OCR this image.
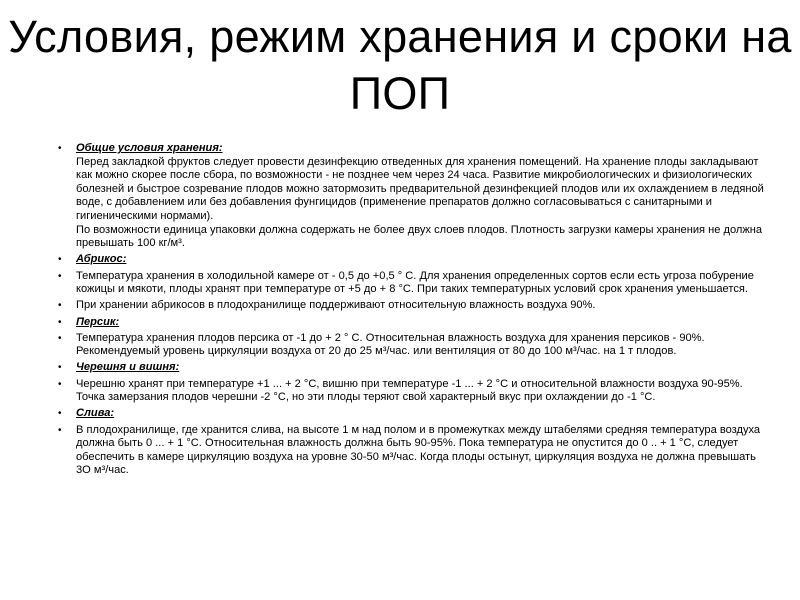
Условия, режим хранения и сроки на ПОП
• Общие условия хранения:
Перед закладкой фруктов следует провести дезинфекцию отведенных для хранения помещений. На хранение плоды закладывают как можно скорее после сбора, по возможности - не позднее чем через 24 часа. Развитие микробиологических и физиологических болезней и быстрое созревание плодов можно затормозить предварительной дезинфекцией плодов или их охлаждением в ледяной воде, с добавлением или без добавления фунгицидов (применение препаратов должно согласовываться с санитарными и гигиеническими нормами).
По возможности единица упаковки должна содержать не более двух слоев плодов. Плотность загрузки камеры хранения не должна превышать 100 кг/м³.
• Абрикос:
• Температура хранения в холодильной камере от - 0,5 до +0,5 ° С. Для хранения определенных сортов если есть угроза побурение кожицы и мякоти, плоды хранят при температуре от +5 до + 8 °С. При таких температурных условий срок хранения уменьшается.
• При хранении абрикосов в плодохранилище поддерживают относительную влажность воздуха 90%.
• Персик:
• Температура хранения плодов персика от -1 до + 2 ° С. Относительная влажность воздуха для хранения персиков - 90%. Рекомендуемый уровень циркуляции воздуха от 20 до 25 м³/час. или вентиляция от 80 до 100 м³/час. на 1 т плодов.
• Черешня и вишня:
• Черешню хранят при температуре +1 ... + 2 °С, вишню при температуре -1 ... + 2 °С и относительной влажности воздуха 90-95%. Точка замерзания плодов черешни -2 °С, но эти плоды теряют свой характерный вкус при охлаждении до -1 °С.
• Слива:
• В плодохранилище, где хранится слива, на высоте 1 м над полом и в промежутках между штабелями средняя температура воздуха должна быть 0 ... + 1 °С. Относительная влажность должна быть 90-95%. Пока температура не опустится до 0 .. + 1 °С, следует обеспечить в камере циркуляцию воздуха на уровне 30-50 м³/час. Когда плоды остынут, циркуляция воздуха не должна превышать 3О м³/час.
